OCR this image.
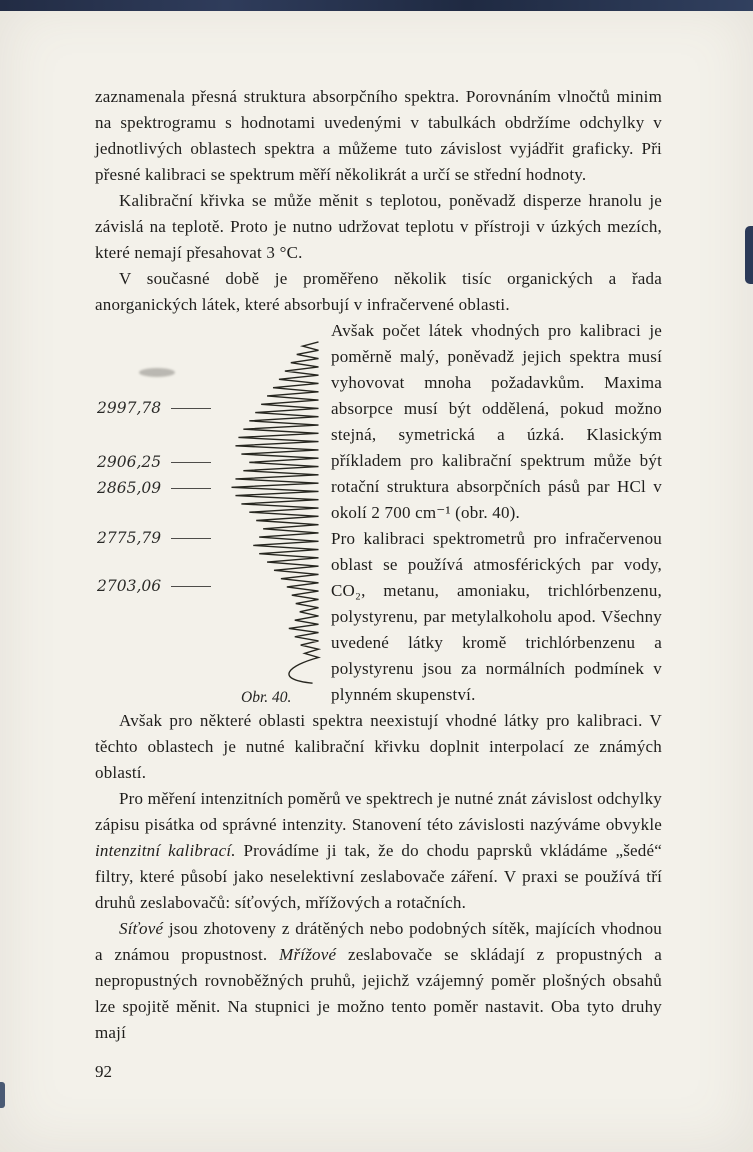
zaznamenala přesná struktura absorpčního spektra. Porovnáním vlnočtů minim na spektrogramu s hodnotami uvedenými v tabulkách obdržíme odchylky v jednotlivých oblastech spektra a můžeme tuto závislost vyjádřit graficky. Při přesné kalibraci se spektrum měří několikrát a určí se střední hodnoty.

Kalibrační křivka se může měnit s teplotou, poněvadž disperze hranolu je závislá na teplotě. Proto je nutno udržovat teplotu v přístroji v úzkých mezích, které nemají přesahovat 3 °C.

V současné době je proměřeno několik tisíc organických a řada anorganických látek, které absorbují v infračervené oblasti.

2997,78
2906,25
2865,09
2775,79
2703,06
Obr. 40.

Avšak počet látek vhodných pro kalibraci je poměrně malý, poněvadž jejich spektra musí vyhovovat mnoha požadavkům. Maxima absorpce musí být oddělená, pokud možno stejná, symetrická a úzká. Klasickým příkladem pro kalibrační spektrum může být rotační struktura absorpčních pásů par HCl v okolí 2 700 cm⁻¹ (obr. 40).

Pro kalibraci spektrometrů pro infračervenou oblast se používá atmosférických par vody, CO₂, metanu, amoniaku, trichlórbenzenu, polystyrenu, par metylalkoholu apod. Všechny uvedené látky kromě trichlórbenzenu a polystyrenu jsou za normálních podmínek v plynném skupenství.

Avšak pro některé oblasti spektra neexistují vhodné látky pro kalibraci. V těchto oblastech je nutné kalibrační křivku doplnit interpolací ze známých oblastí.

Pro měření intenzitních poměrů ve spektrech je nutné znát závislost odchylky zápisu pisátka od správné intenzity. Stanovení této závislosti nazýváme obvykle intenzitní kalibrací. Provádíme ji tak, že do chodu paprsků vkládáme „šedé“ filtry, které působí jako neselektivní zeslabovače záření. V praxi se používá tří druhů zeslabovačů: síťových, mřížových a rotačních.

Síťové jsou zhotoveny z drátěných nebo podobných sítěk, majících vhodnou a známou propustnost. Mřížové zeslabovače se skládají z propustných a nepropustných rovnoběžných pruhů, jejichž vzájemný poměr plošných obsahů lze spojitě měnit. Na stupnici je možno tento poměr nastavit. Oba tyto druhy mají

92
